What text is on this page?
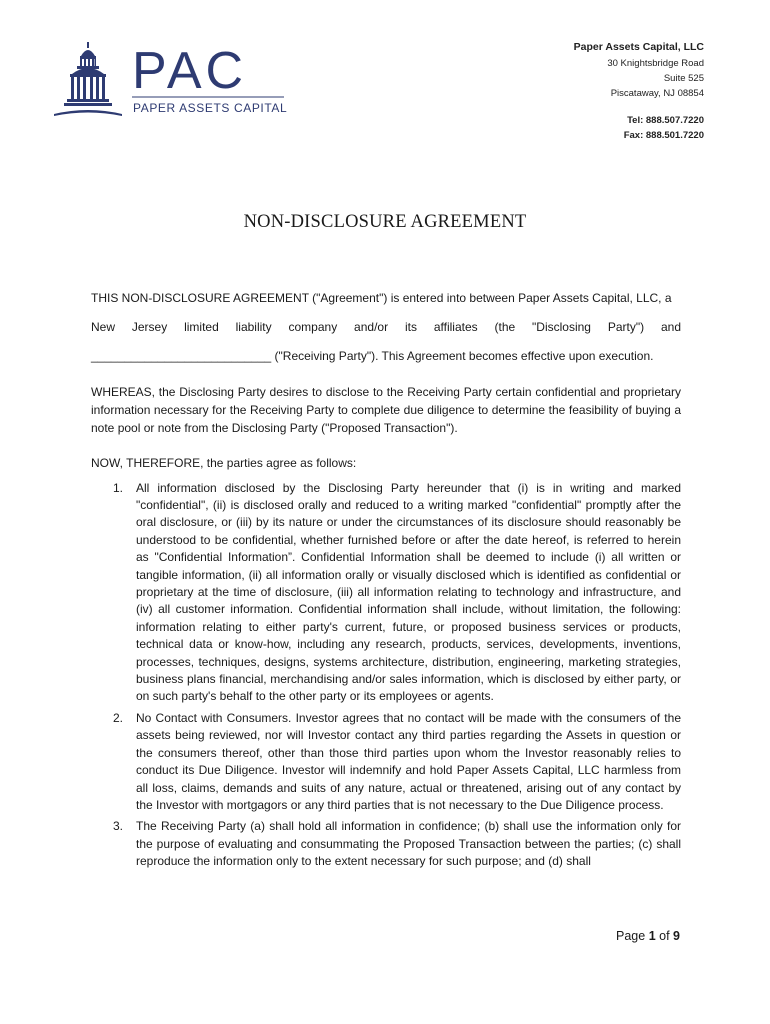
PAC
PAPER ASSETS CAPITAL
Paper Assets Capital, LLC
30 Knightsbridge Road
Suite 525
Piscataway, NJ 08854
Tel: 888.507.7220
Fax: 888.501.7220
NON-DISCLOSURE AGREEMENT

THIS NON-DISCLOSURE AGREEMENT ("Agreement") is entered into between Paper Assets Capital, LLC, a

New Jersey limited liability company and/or its affiliates (the "Disclosing Party") and

___________________________ ("Receiving Party"). This Agreement becomes effective upon execution.

WHEREAS, the Disclosing Party desires to disclose to the Receiving Party certain confidential and proprietary information necessary for the Receiving Party to complete due diligence to determine the feasibility of buying a note pool or note from the Disclosing Party ("Proposed Transaction").
NOW, THEREFORE, the parties agree as follows:
1. All information disclosed by the Disclosing Party hereunder that (i) is in writing and marked "confidential", (ii) is disclosed orally and reduced to a writing marked "confidential" promptly after the oral disclosure, or (iii) by its nature or under the circumstances of its disclosure should reasonably be understood to be confidential, whether furnished before or after the date hereof, is referred to herein as "Confidential Information”. Confidential Information shall be deemed to include (i) all written or tangible information, (ii) all information orally or visually disclosed which is identified as confidential or proprietary at the time of disclosure, (iii) all information relating to technology and infrastructure, and (iv) all customer information. Confidential information shall include, without limitation, the following: information relating to either party's current, future, or proposed business services or products, technical data or know-how, including any research, products, services, developments, inventions, processes, techniques, designs, systems architecture, distribution, engineering, marketing strategies, business plans financial, merchandising and/or sales information, which is disclosed by either party, or on such party's behalf to the other party or its employees or agents.
2. No Contact with Consumers. Investor agrees that no contact will be made with the consumers of the assets being reviewed, nor will Investor contact any third parties regarding the Assets in question or the consumers thereof, other than those third parties upon whom the Investor reasonably relies to conduct its Due Diligence. Investor will indemnify and hold Paper Assets Capital, LLC harmless from all loss, claims, demands and suits of any nature, actual or threatened, arising out of any contact by the Investor with mortgagors or any third parties that is not necessary to the Due Diligence process.
3. The Receiving Party (a) shall hold all information in confidence; (b) shall use the information only for the purpose of evaluating and consummating the Proposed Transaction between the parties; (c) shall reproduce the information only to the extent necessary for such purpose; and (d) shall
Page 1 of 9
